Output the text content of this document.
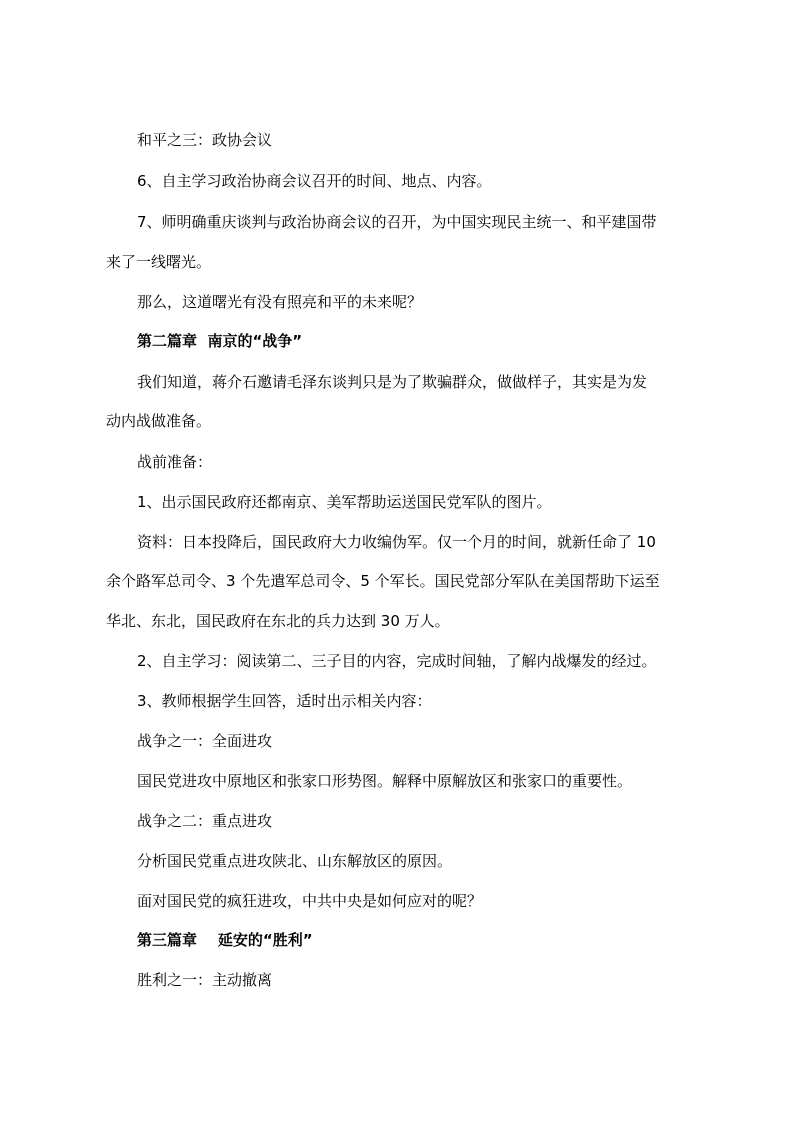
和平之三：政协会议
6、自主学习政治协商会议召开的时间、地点、内容。
7、师明确重庆谈判与政治协商会议的召开，为中国实现民主统一、和平建国带
来了一线曙光。
那么，这道曙光有没有照亮和平的未来呢？
第二篇章  南京的“战争”
我们知道，蒋介石邀请毛泽东谈判只是为了欺骗群众，做做样子，其实是为发
动内战做准备。
战前准备：
1、出示国民政府还都南京、美军帮助运送国民党军队的图片。
资料：日本投降后，国民政府大力收编伪军。仅一个月的时间，就新任命了 10
余个路军总司令、3 个先遣军总司令、5 个军长。国民党部分军队在美国帮助下运至
华北、东北，国民政府在东北的兵力达到 30 万人。
2、自主学习：阅读第二、三子目的内容，完成时间轴，了解内战爆发的经过。
3、教师根据学生回答，适时出示相关内容：
战争之一：全面进攻
国民党进攻中原地区和张家口形势图。解释中原解放区和张家口的重要性。
战争之二：重点进攻
分析国民党重点进攻陕北、山东解放区的原因。
面对国民党的疯狂进攻，中共中央是如何应对的呢？
第三篇章    延安的“胜利”
胜利之一：主动撤离
